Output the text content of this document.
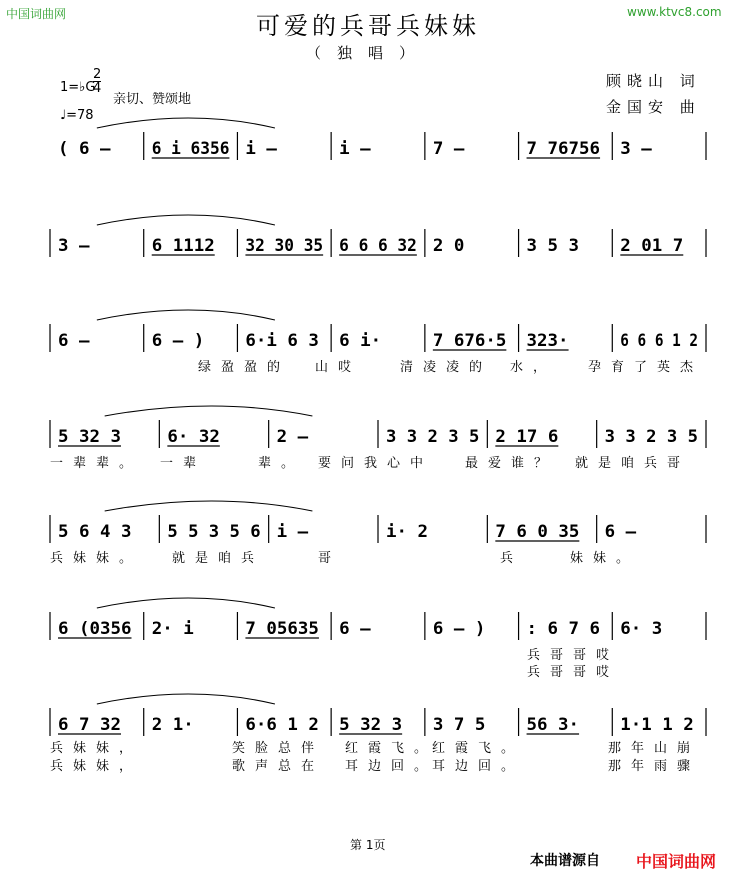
中国词曲网	www.ktvc8.com
可爱的兵哥兵妹妹
（独唱）
1=♭G
2
4
亲切、赞颂地
♩=78
顾晓山 词
金国安 曲
( 6 – 6 i 6356 i –	i –	7 –	7 76756 3 –
3 –	6 1112 32 30 35 6 6 6 32 2 0	3 5 3 2 01 7
6 –	6 – ) 6·i 6 3 6 i·	7 676·5 323·	6 6 6 1 2
绿盈盈的 山哎	清凌凌的 水， 孕育了英杰
5 32 3	6· 32	2 –	3 3 2 3 5 2 17 6	3 3 2 3 5
一辈辈。 一辈	辈。 要问我心中 最爱谁？ 就是咱兵哥
5 6 4 3 5 5 3 5 6 i –	i· 2	7 6 0 35 6 –
兵妹妹。 就是咱兵	哥	兵	妹妹。
6 (0356 2· i	7 05635 6 –	6 – ) : 6 7 6 6· 3
兵哥哥哎
兵哥哥哎
6 7 32 2 1·	6·6 1 2 5 32 3 3 7 5 56 3· 1·1 1 2
兵妹妹，	笑脸总伴 红霞飞。
红霞飞。	那年山崩
兵妹妹，	歌声总在 耳边回。
耳边回。	那年雨骤
第 1页
本曲谱源自 中国词曲网
